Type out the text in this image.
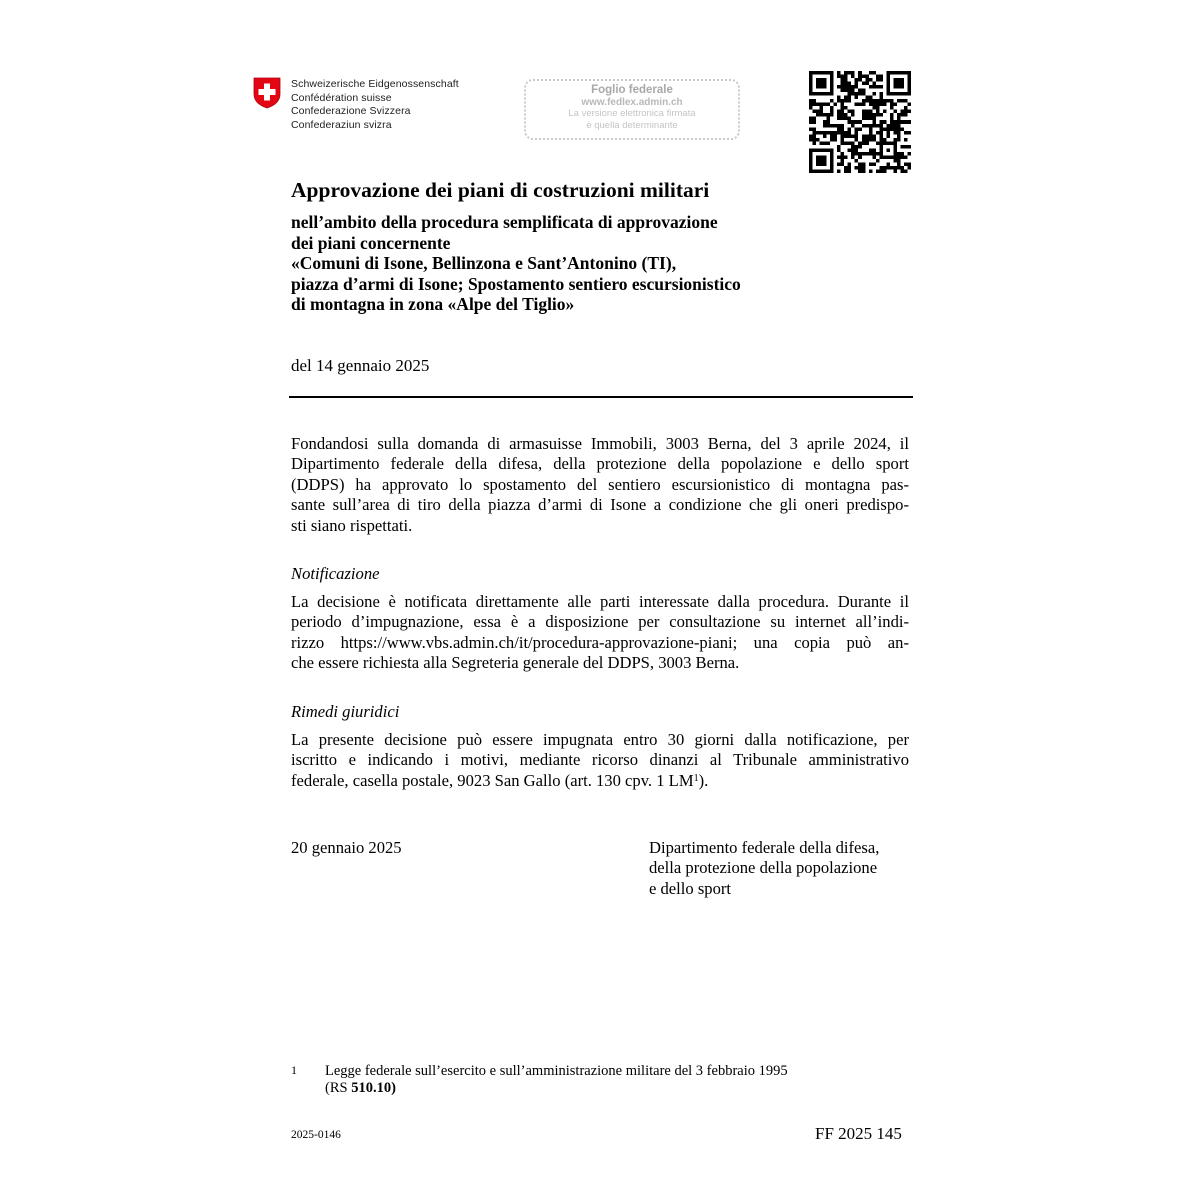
Schweizerische Eidgenossenschaft
Confédération suisse
Confederazione Svizzera
Confederaziun svizra
Foglio federale
www.fedlex.admin.ch
La versione elettronica firmata
è quella determinante
Approvazione dei piani di costruzioni militari
nell’ambito della procedura semplificata di approvazione
dei piani concernente
«Comuni di Isone, Bellinzona e Sant’Antonino (TI),
piazza d’armi di Isone; Spostamento sentiero escursionistico
di montagna in zona «Alpe del Tiglio»
del 14 gennaio 2025
Fondandosi sulla domanda di armasuisse Immobili, 3003 Berna, del 3 aprile 2024, il
Dipartimento federale della difesa, della protezione della popolazione e dello sport
(DDPS) ha approvato lo spostamento del sentiero escursionistico di montagna pas-
sante sull’area di tiro della piazza d’armi di Isone a condizione che gli oneri predispo-
sti siano rispettati.
Notificazione
La decisione è notificata direttamente alle parti interessate dalla procedura. Durante il
periodo d’impugnazione, essa è a disposizione per consultazione su internet all’indi-
rizzo https://www.vbs.admin.ch/it/procedura-approvazione-piani; una copia può an-
che essere richiesta alla Segreteria generale del DDPS, 3003 Berna.
Rimedi giuridici
La presente decisione può essere impugnata entro 30 giorni dalla notificazione, per
iscritto e indicando i motivi, mediante ricorso dinanzi al Tribunale amministrativo
federale, casella postale, 9023 San Gallo (art. 130 cpv. 1 $LM^1$).
20 gennaio 2025	Dipartimento federale della difesa,
della protezione della popolazione
e dello sport
1 Legge federale sull’esercito e sull’amministrazione militare del 3 febbraio 1995
(RS 510.10)
2025-0146	FF 2025 145
